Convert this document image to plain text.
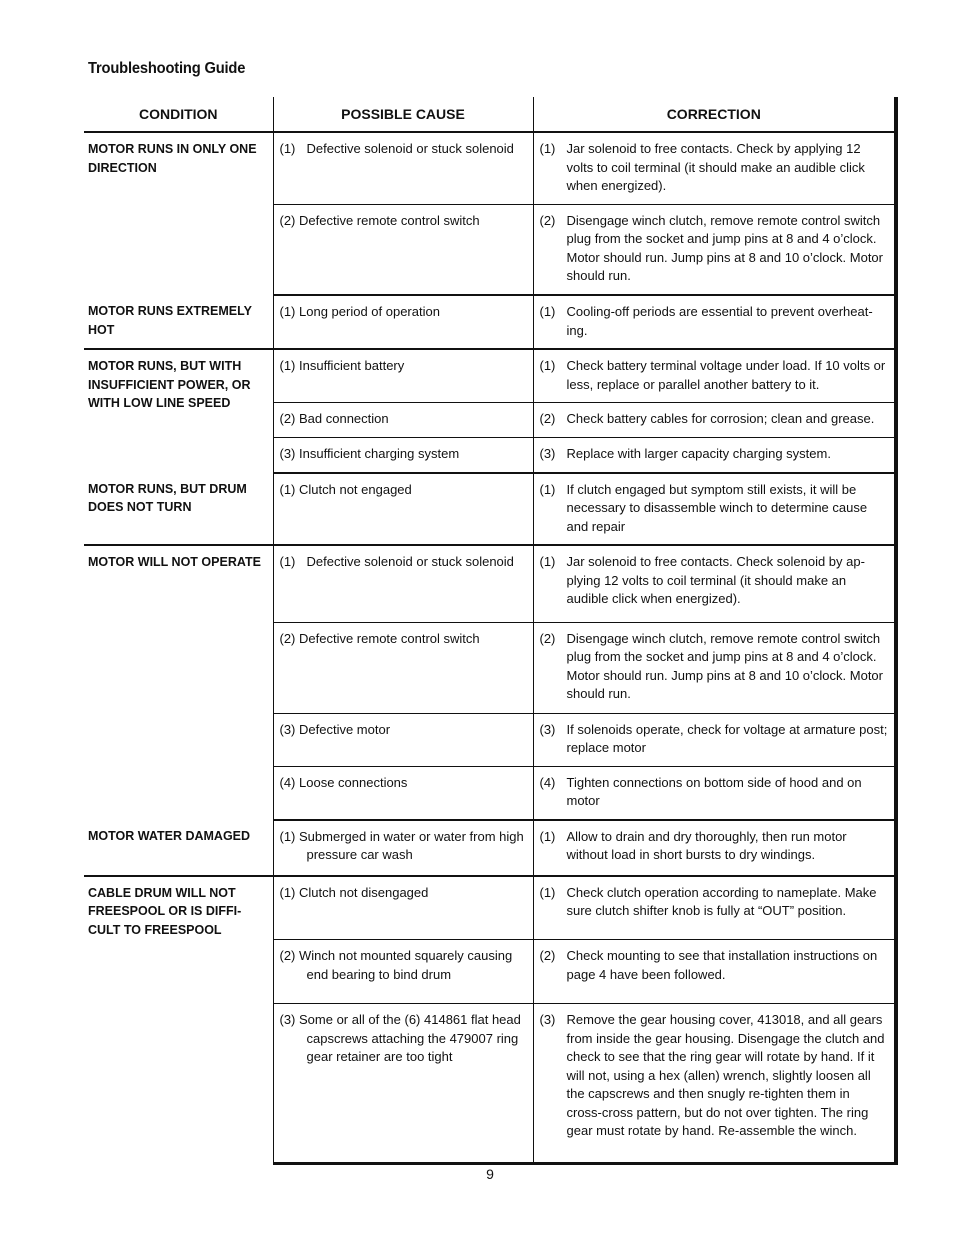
Troubleshooting Guide
CONDITION	POSSIBLE CAUSE	CORRECTION
MOTOR RUNS IN ONLY ONE DIRECTION	(1) Defective solenoid or stuck solenoid	(1) Jar solenoid to free contacts. Check by applying 12 volts to coil terminal (it should make an audible click when energized).

	(2) Defective remote control switch	(2) Disengage winch clutch, remove remote control switch plug from the socket and jump pins at 8 and 4 o’clock. Motor should run. Jump pins at 8 and 10 o’clock. Motor should run.

MOTOR RUNS EXTREMELY HOT	(1) Long period of operation	(1) Cooling-off periods are essential to prevent overheat-ing.

MOTOR RUNS, BUT WITH INSUFFICIENT POWER, OR WITH LOW LINE SPEED	(1) Insufficient battery	(1) Check battery terminal voltage under load. If 10 volts or less, replace or parallel another battery to it.

	(2) Bad connection	(2) Check battery cables for corrosion; clean and grease.

	(3) Insufficient charging system	(3) Replace with larger capacity charging system.

MOTOR RUNS, BUT DRUM DOES NOT TURN	(1) Clutch not engaged	(1) If clutch engaged but symptom still exists, it will be necessary to disassemble winch to determine cause and repair

MOTOR WILL NOT OPERATE	(1) Defective solenoid or stuck solenoid	(1) Jar solenoid to free contacts. Check solenoid by ap-plying 12 volts to coil terminal (it should make an audible click when energized).

	(2) Defective remote control switch	(2) Disengage winch clutch, remove remote control switch plug from the socket and jump pins at 8 and 4 o’clock. Motor should run. Jump pins at 8 and 10 o’clock. Motor should run.

	(3) Defective motor	(3) If solenoids operate, check for voltage at armature post; replace motor

	(4) Loose connections	(4) Tighten connections on bottom side of hood and on motor

MOTOR WATER DAMAGED	(1) Submerged in water or water from high pressure car wash	(1) Allow to drain and dry thoroughly, then run motor without load in short bursts to dry windings.

CABLE DRUM WILL NOT FREESPOOL OR IS DIFFI-CULT TO FREESPOOL	(1) Clutch not disengaged	(1) Check clutch operation according to nameplate. Make sure clutch shifter knob is fully at “OUT” position.

	(2) Winch not mounted squarely causing end bearing to bind drum	(2) Check mounting to see that installation instructions on page 4 have been followed.

	(3) Some or all of the (6) 414861 flat head capscrews attaching the 479007 ring gear retainer are too tight	(3) Remove the gear housing cover, 413018, and all gears from inside the gear housing. Disengage the clutch and check to see that the ring gear will rotate by hand. If it will not, using a hex (allen) wrench, slightly loosen all the capscrews and then snugly re-tighten them in cross-cross pattern, but do not over tighten. The ring gear must rotate by hand. Re-assemble the winch.
9
